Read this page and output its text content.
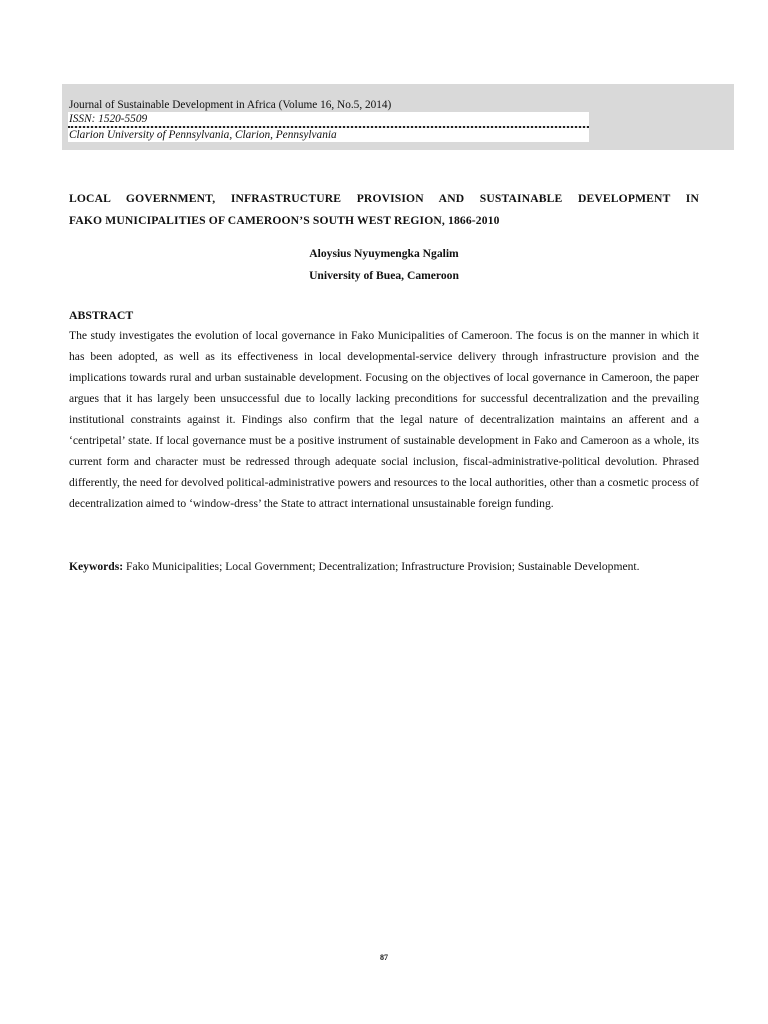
Journal of Sustainable Development in Africa (Volume 16, No.5, 2014)
ISSN: 1520-5509
Clarion University of Pennsylvania, Clarion, Pennsylvania
LOCAL GOVERNMENT, INFRASTRUCTURE PROVISION AND SUSTAINABLE DEVELOPMENT IN
FAKO MUNICIPALITIES OF CAMEROON’S SOUTH WEST REGION, 1866-2010
Aloysius Nyuymengka Ngalim
University of Buea, Cameroon
ABSTRACT
The study investigates the evolution of local governance in Fako Municipalities of Cameroon. The focus is on the manner in which it has been adopted, as well as its effectiveness in local developmental-service delivery through infrastructure provision and the implications towards rural and urban sustainable development. Focusing on the objectives of local governance in Cameroon, the paper argues that it has largely been unsuccessful due to locally lacking preconditions for successful decentralization and the prevailing institutional constraints against it. Findings also confirm that the legal nature of decentralization maintains an afferent and a ‘centripetal’ state. If local governance must be a positive instrument of sustainable development in Fako and Cameroon as a whole, its current form and character must be redressed through adequate social inclusion, fiscal-administrative-political devolution. Phrased differently, the need for devolved political-administrative powers and resources to the local authorities, other than a cosmetic process of decentralization aimed to ‘window-dress’ the State to attract international unsustainable foreign funding.
Keywords: Fako Municipalities; Local Government; Decentralization; Infrastructure Provision; Sustainable Development.
87
